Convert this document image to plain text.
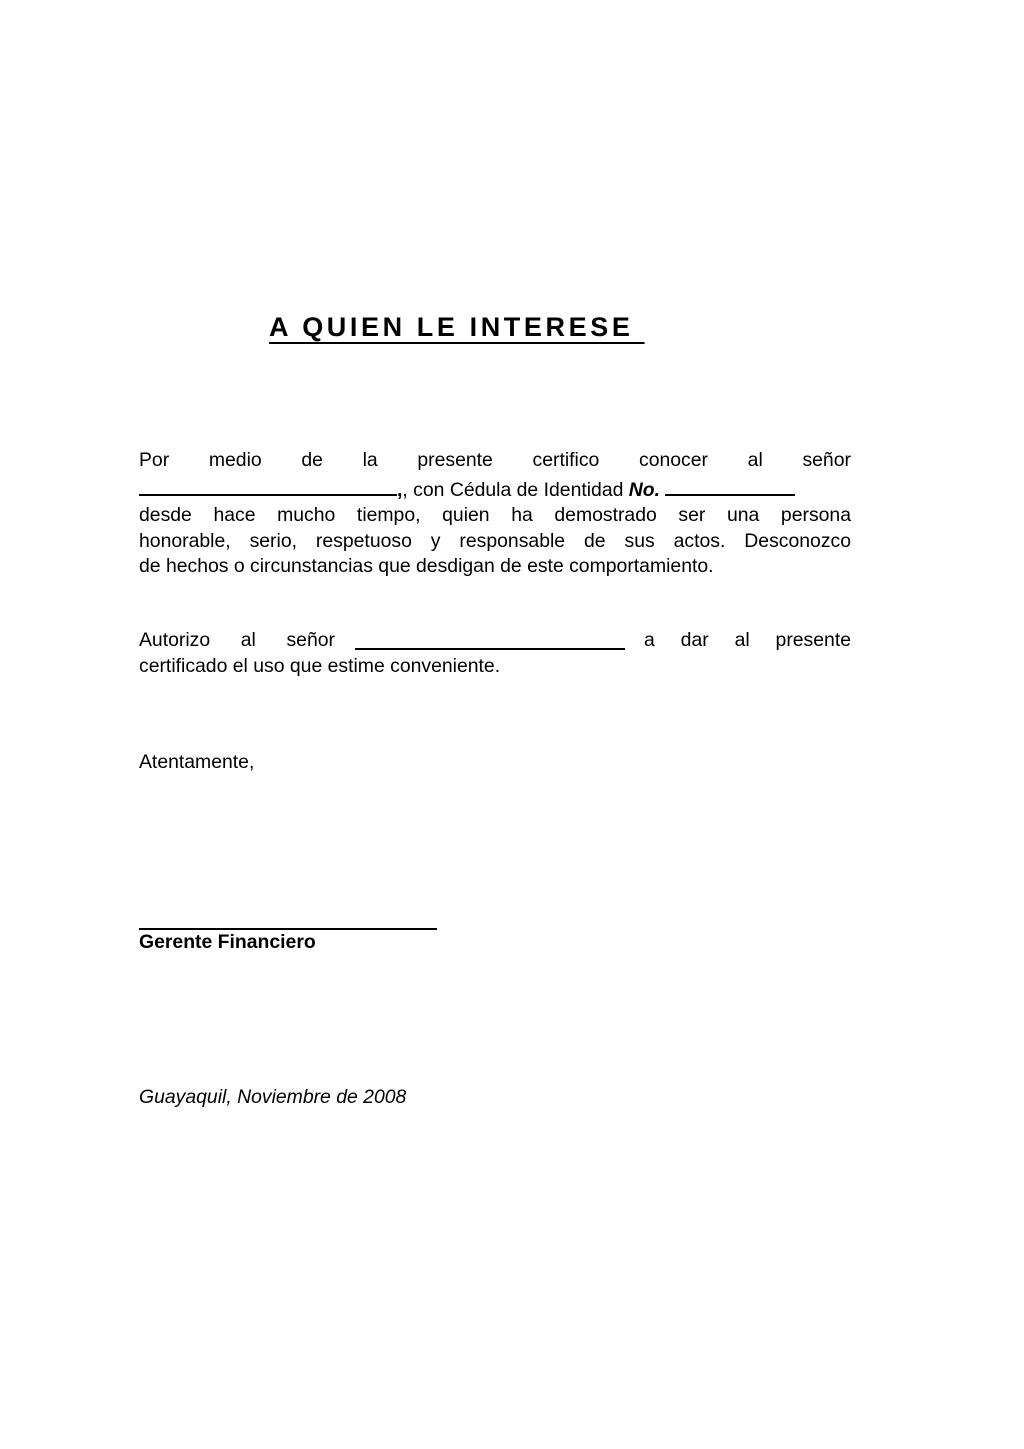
A QUIEN LE INTERESE
Por medio de la presente certifico conocer al señor
,, con Cédula de Identidad No.
desde hace mucho tiempo, quien ha demostrado ser una persona
honorable, serio, respetuoso y responsable de sus actos. Desconozco
de hechos o circunstancias que desdigan de este comportamiento.
Autorizo al señor	a dar al presente
certificado el uso que estime conveniente.
Atentamente,
Gerente Financiero
Guayaquil, Noviembre de 2008
